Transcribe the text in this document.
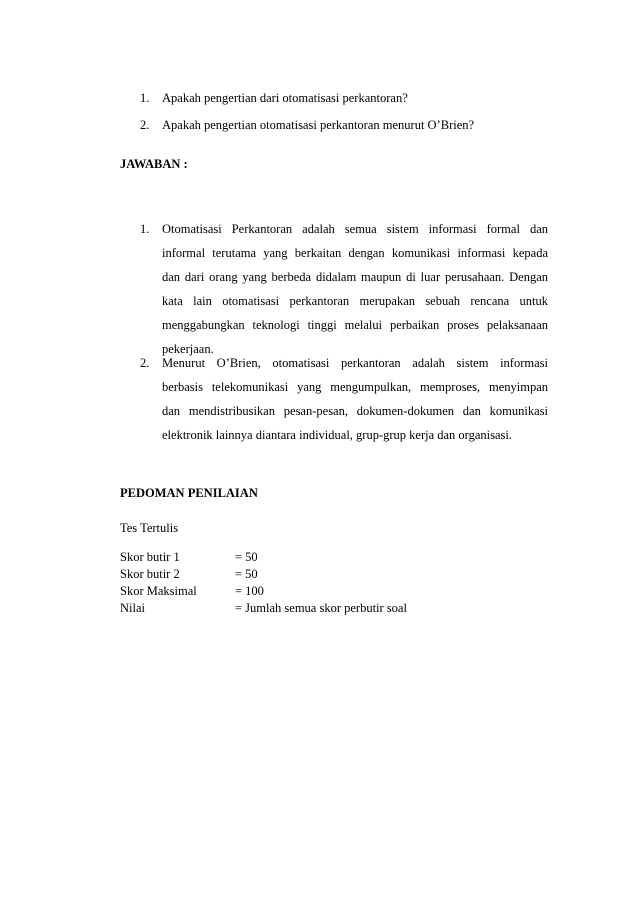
1. Apakah pengertian dari otomatisasi perkantoran?
2. Apakah pengertian otomatisasi perkantoran menurut O’Brien?
JAWABAN :
1. Otomatisasi Perkantoran adalah semua sistem informasi formal dan
informal terutama yang berkaitan dengan komunikasi informasi kepada
dan dari orang yang berbeda didalam maupun di luar perusahaan. Dengan
kata lain otomatisasi perkantoran merupakan sebuah rencana untuk
menggabungkan teknologi tinggi melalui perbaikan proses pelaksanaan
pekerjaan.
2. Menurut O’Brien, otomatisasi perkantoran adalah sistem informasi
berbasis telekomunikasi yang mengumpulkan, memproses, menyimpan
dan mendistribusikan pesan-pesan, dokumen-dokumen dan komunikasi
elektronik lainnya diantara individual, grup-grup kerja dan organisasi.
PEDOMAN PENILAIAN
Tes Tertulis
Skor butir 1	= 50
Skor butir 2	= 50
Skor Maksimal	= 100
Nilai	= Jumlah semua skor perbutir soal
